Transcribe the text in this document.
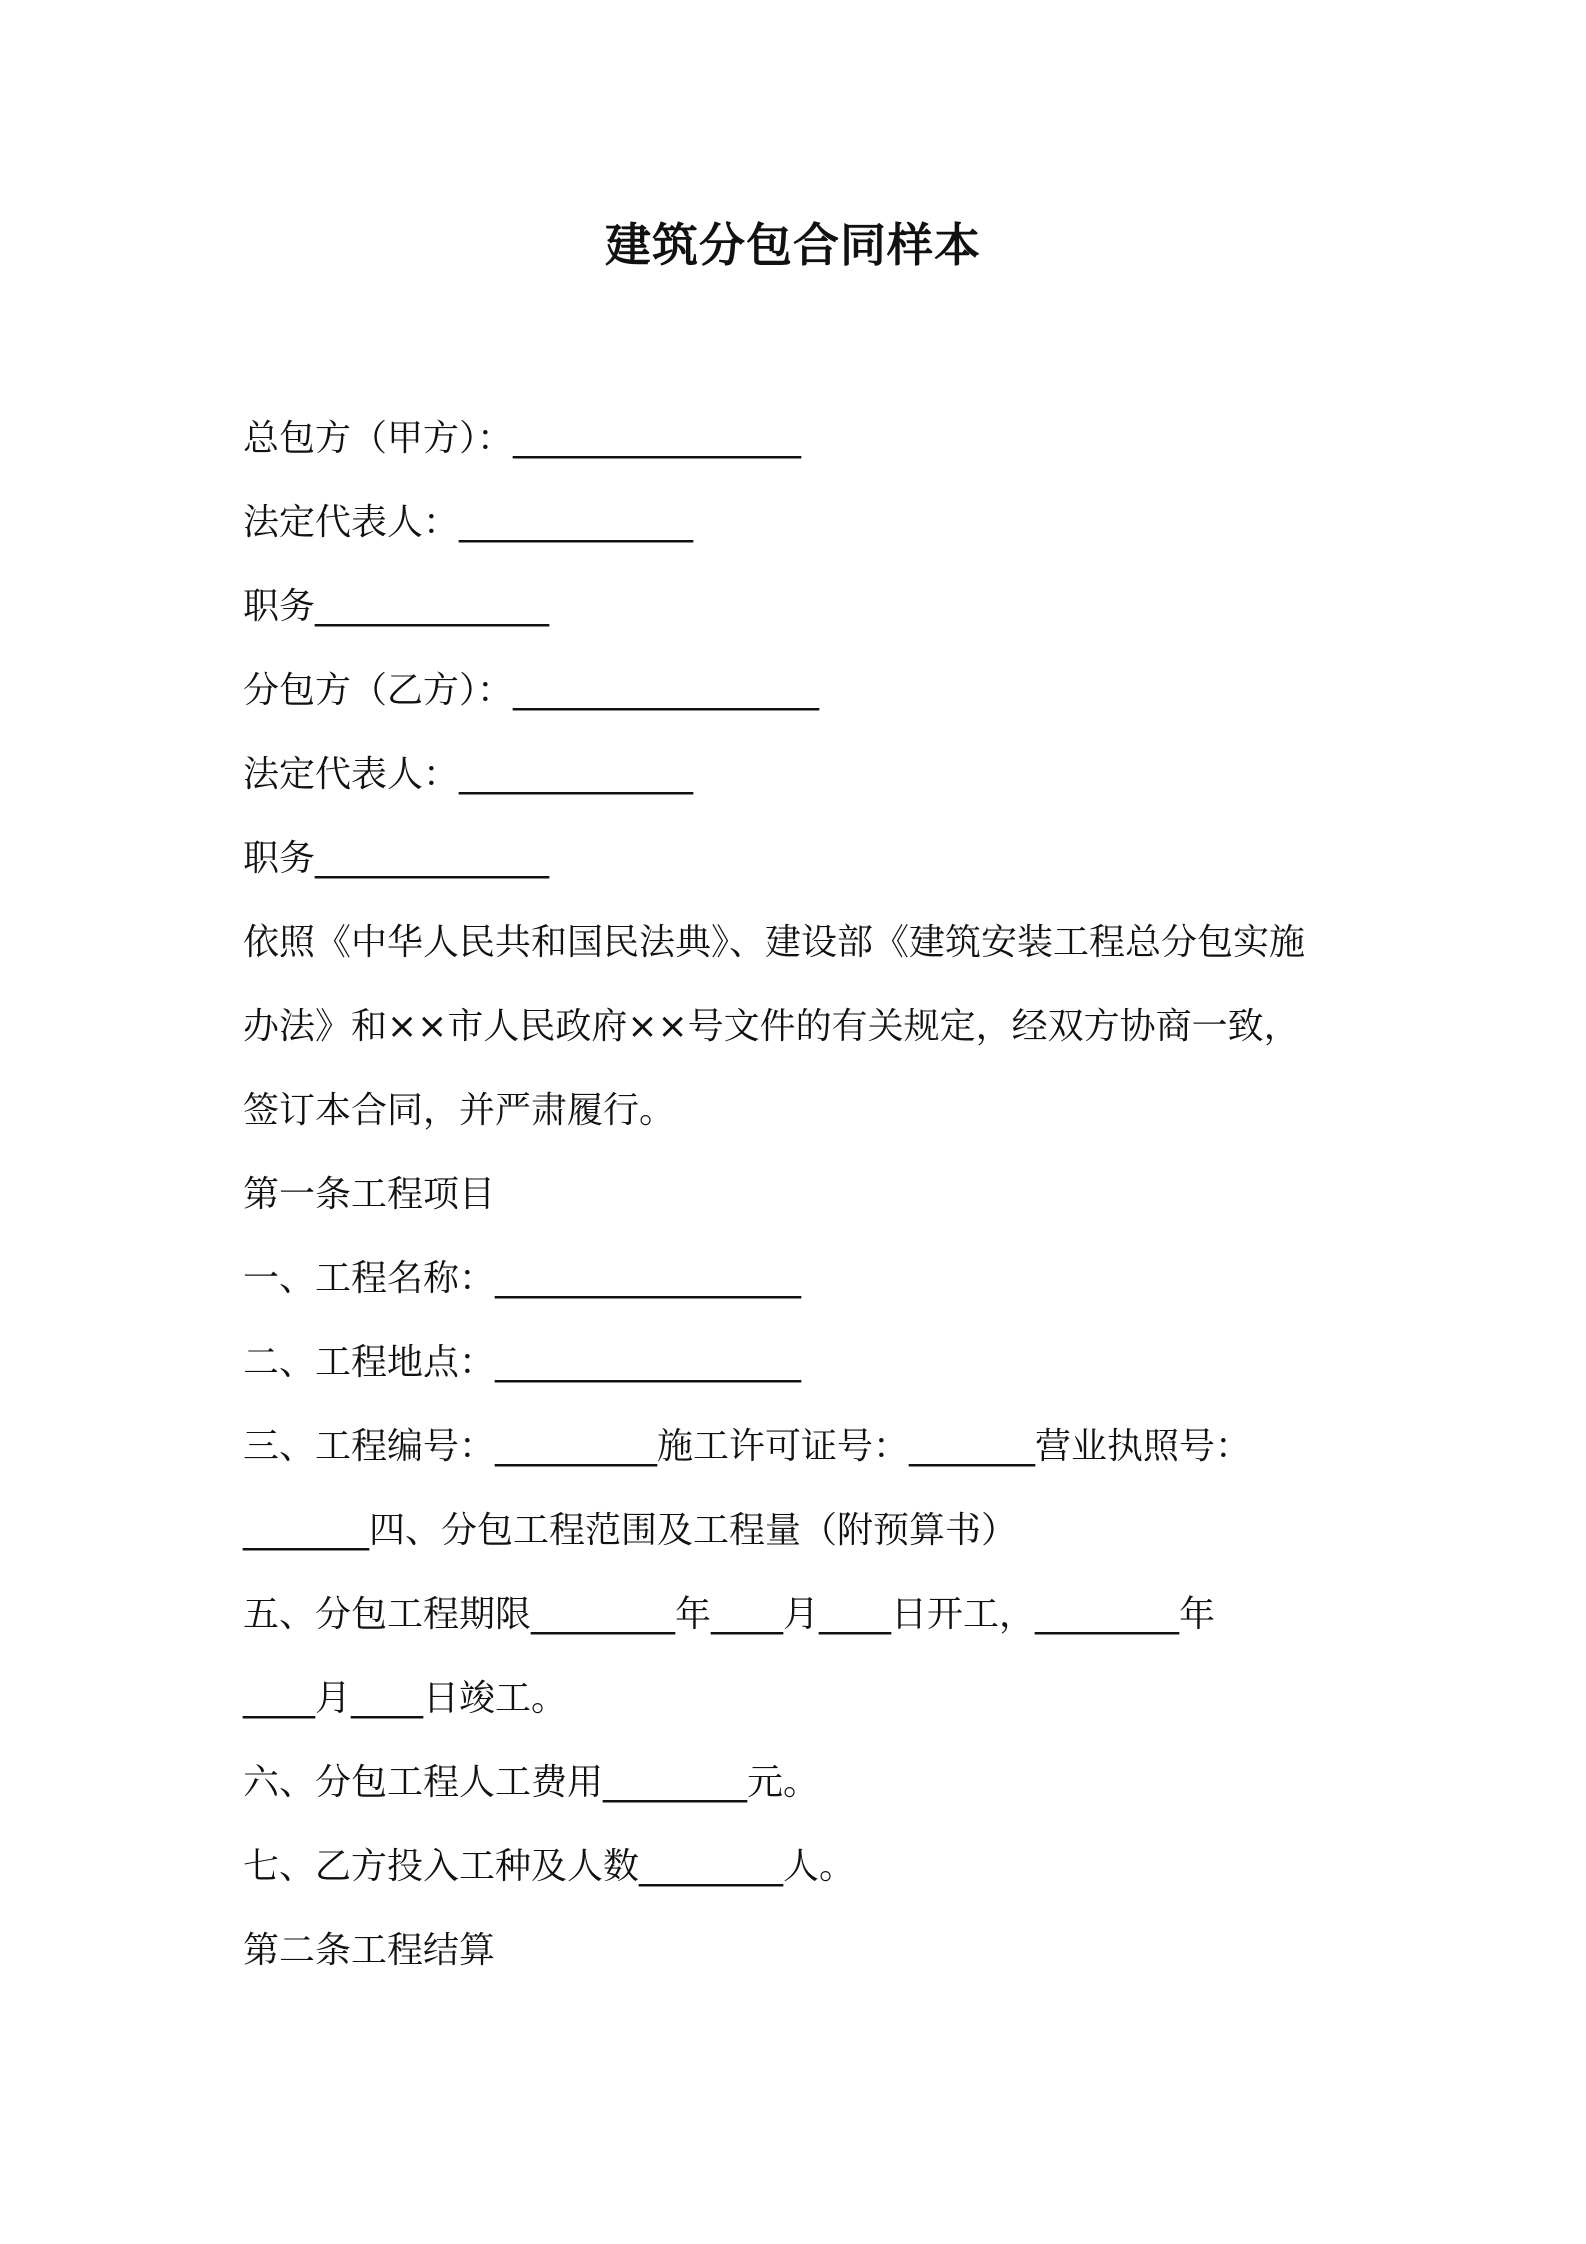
建筑分包合同样本

总包方（甲方）：________________

法定代表人：_____________

职务_____________

分包方（乙方）：_________________

法定代表人：_____________

职务_____________

依照《中华人民共和国民法典》、建设部《建筑安装工程总分包实施

办法》和××市人民政府××号文件的有关规定，经双方协商一致，

签订本合同，并严肃履行。

第一条工程项目

一、工程名称：_________________

二、工程地点：_________________

三、工程编号：_________施工许可证号：_______营业执照号：

_______四、分包工程范围及工程量（附预算书）

五、分包工程期限________年____月____日开工，________年

____月____日竣工。

六、分包工程人工费用________元。

七、乙方投入工种及人数________人。

第二条工程结算
